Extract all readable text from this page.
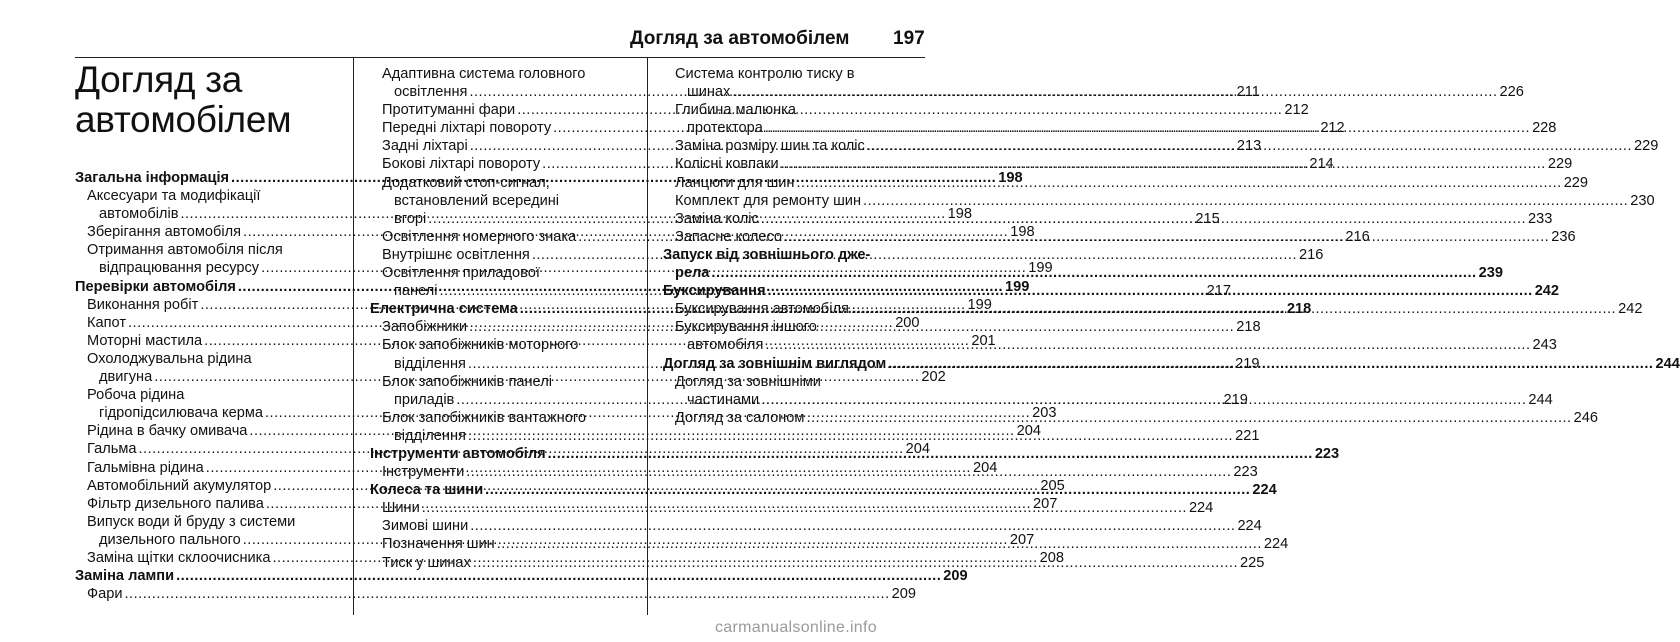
Догляд за автомобілем 197
Догляд за
автомобілем
Загальна інформація .....	198
Аксесуари та модифікації
автомобілів .....	198
Зберігання автомобіля .....	198
Отримання автомобіля після
відпрацювання ресурсу .....	199
Перевірки автомобіля .....	199
Виконання робіт .....	199
Капот .....	200
Моторні мастила .....	201
Охолоджувальна рідина
двигуна .....	202
Робоча рідина
гідропідсилювача керма .....	203
Рідина в бачку омивача .....	204
Гальма .....	204
Гальмівна рідина .....	204
Автомобільний акумулятор .....	205
Фільтр дизельного палива .....	207
Випуск води й бруду з системи
дизельного пального .....	207
Заміна щітки склоочисника .....	208
Заміна лампи .....	209
Фари .....	209
Адаптивна система головного
освітлення .....	211
Протитуманні фари .....	212
Передні ліхтарі повороту .....	212
Задні ліхтарі .....	213
Бокові ліхтарі повороту .....	214
Додатковий стоп-сигнал,
встановлений всередині
вгорі .....	215
Освітлення номерного знака .....	216
Внутрішнє освітлення .....	216
Освітлення приладової
панелі .....	217
Електрична система .....	218
Запобіжники .....	218
Блок запобіжників моторного
відділення .....	219
Блок запобіжників панелі
приладів .....	219
Блок запобіжників вантажного
відділення .....	221
Інструменти автомобіля .....	223
Інструменти .....	223
Колеса та шини .....	224
Шини .....	224
Зимові шини .....	224
Позначення шин .....	224
Тиск у шинах .....	225
Система контролю тиску в
шинах .....	226
Глибина малюнка
протектора .....	228
Заміна розміру шин та коліс .....	229
Колісні ковпаки .....	229
Ланцюги для шин .....	229
Комплект для ремонту шин .....	230
Заміна коліс .....	233
Запасне колесо .....	236
Запуск від зовнішнього дже-
рела .....	239
Буксирування .....	242
Буксирування автомобіля .....	242
Буксирування іншого
автомобіля .....	243
Догляд за зовнішнім виглядом .....	244
Догляд за зовнішніми
частинами .....	244
Догляд за салоном .....	246
carmanualsonline.info
